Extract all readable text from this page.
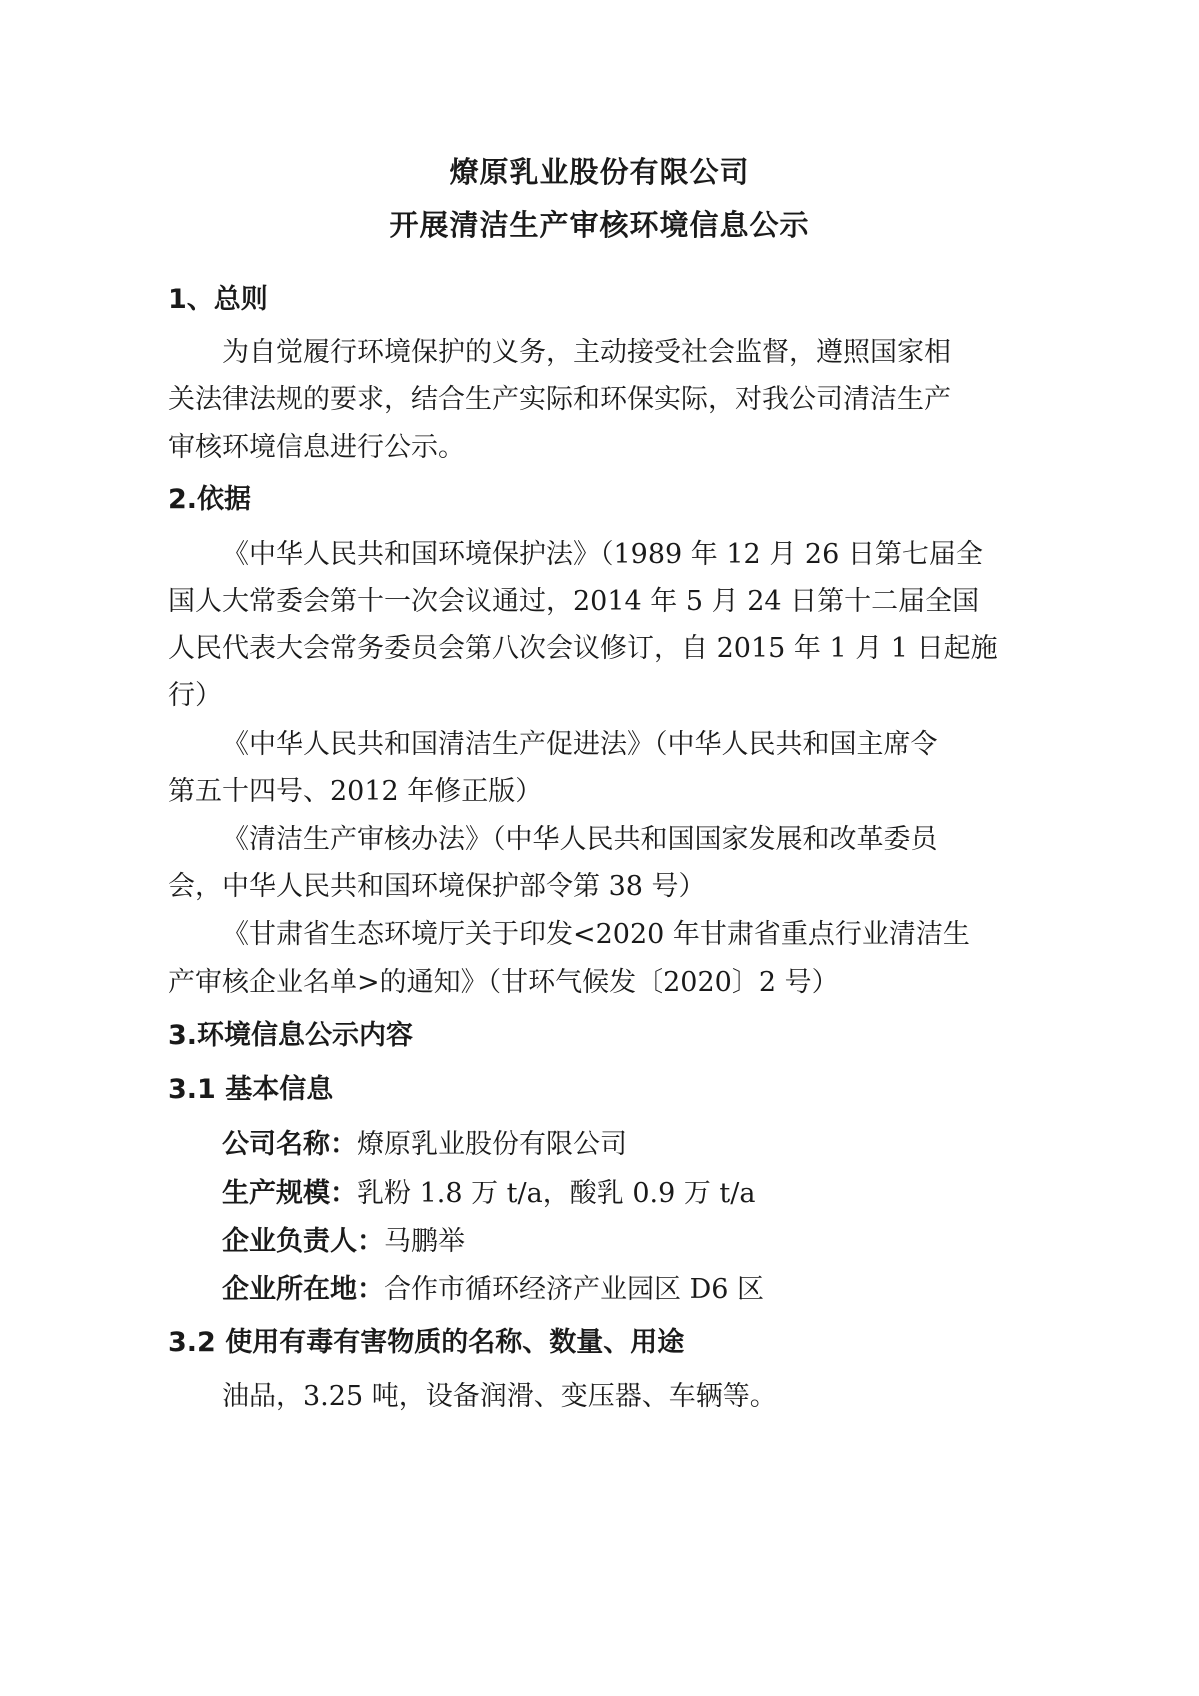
燎原乳业股份有限公司
开展清洁生产审核环境信息公示
1、总则
为自觉履行环境保护的义务，主动接受社会监督，遵照国家相
关法律法规的要求，结合生产实际和环保实际，对我公司清洁生产
审核环境信息进行公示。
2.依据
《中华人民共和国环境保护法》（1989 年 12 月 26 日第七届全
国人大常委会第十一次会议通过，2014 年 5 月 24 日第十二届全国
人民代表大会常务委员会第八次会议修订，自 2015 年 1 月 1 日起施
行）
《中华人民共和国清洁生产促进法》（中华人民共和国主席令
第五十四号、2012 年修正版）
《清洁生产审核办法》（中华人民共和国国家发展和改革委员
会，中华人民共和国环境保护部令第 38 号）
《甘肃省生态环境厅关于印发<2020 年甘肃省重点行业清洁生
产审核企业名单>的通知》（甘环气候发〔2020〕2 号）
3.环境信息公示内容
3.1 基本信息
公司名称：燎原乳业股份有限公司
生产规模：乳粉 1.8 万 t/a，酸乳 0.9 万 t/a
企业负责人：马鹏举
企业所在地：合作市循环经济产业园区 D6 区
3.2 使用有毒有害物质的名称、数量、用途
油品，3.25 吨，设备润滑、变压器、车辆等。
